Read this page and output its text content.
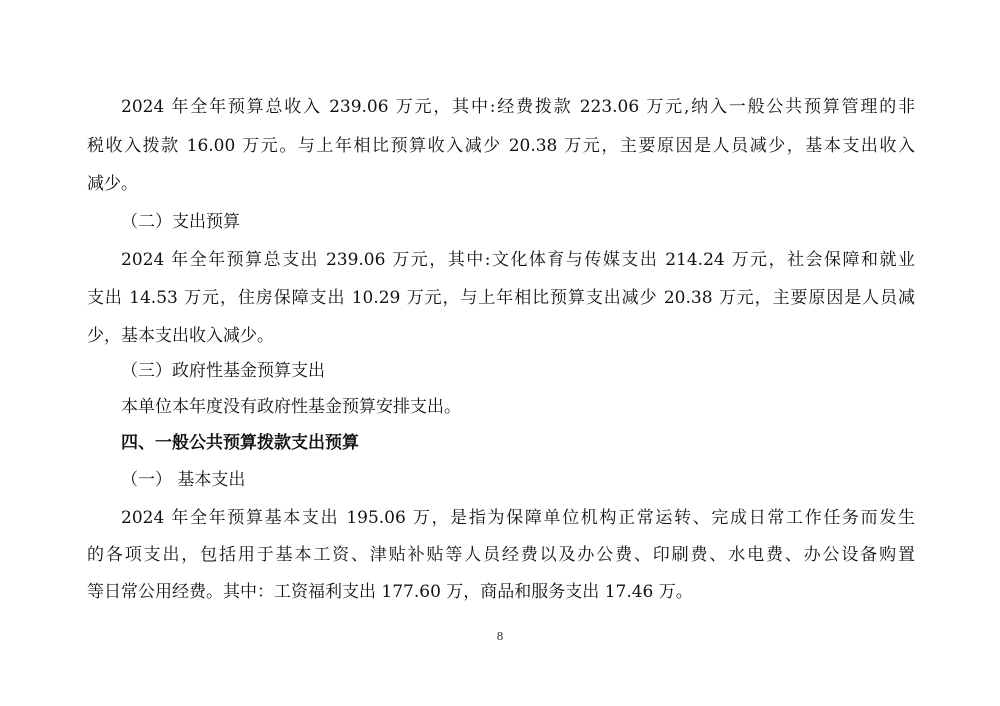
2024 年全年预算总收入 239.06 万元，其中:经费拨款 223.06 万元,纳入一般公共预算管理的非
税收入拨款 16.00 万元。与上年相比预算收入减少 20.38 万元，主要原因是人员减少，基本支出收入
减少。
（二）支出预算
2024 年全年预算总支出 239.06 万元，其中:文化体育与传媒支出 214.24 万元，社会保障和就业
支出 14.53 万元，住房保障支出 10.29 万元，与上年相比预算支出减少 20.38 万元，主要原因是人员减
少，基本支出收入减少。
（三）政府性基金预算支出
本单位本年度没有政府性基金预算安排支出。
四、一般公共预算拨款支出预算
（一） 基本支出
2024 年全年预算基本支出 195.06 万，是指为保障单位机构正常运转、完成日常工作任务而发生
的各项支出，包括用于基本工资、津贴补贴等人员经费以及办公费、印刷费、水电费、办公设备购置
等日常公用经费。其中：工资福利支出 177.60 万，商品和服务支出 17.46 万。
8
